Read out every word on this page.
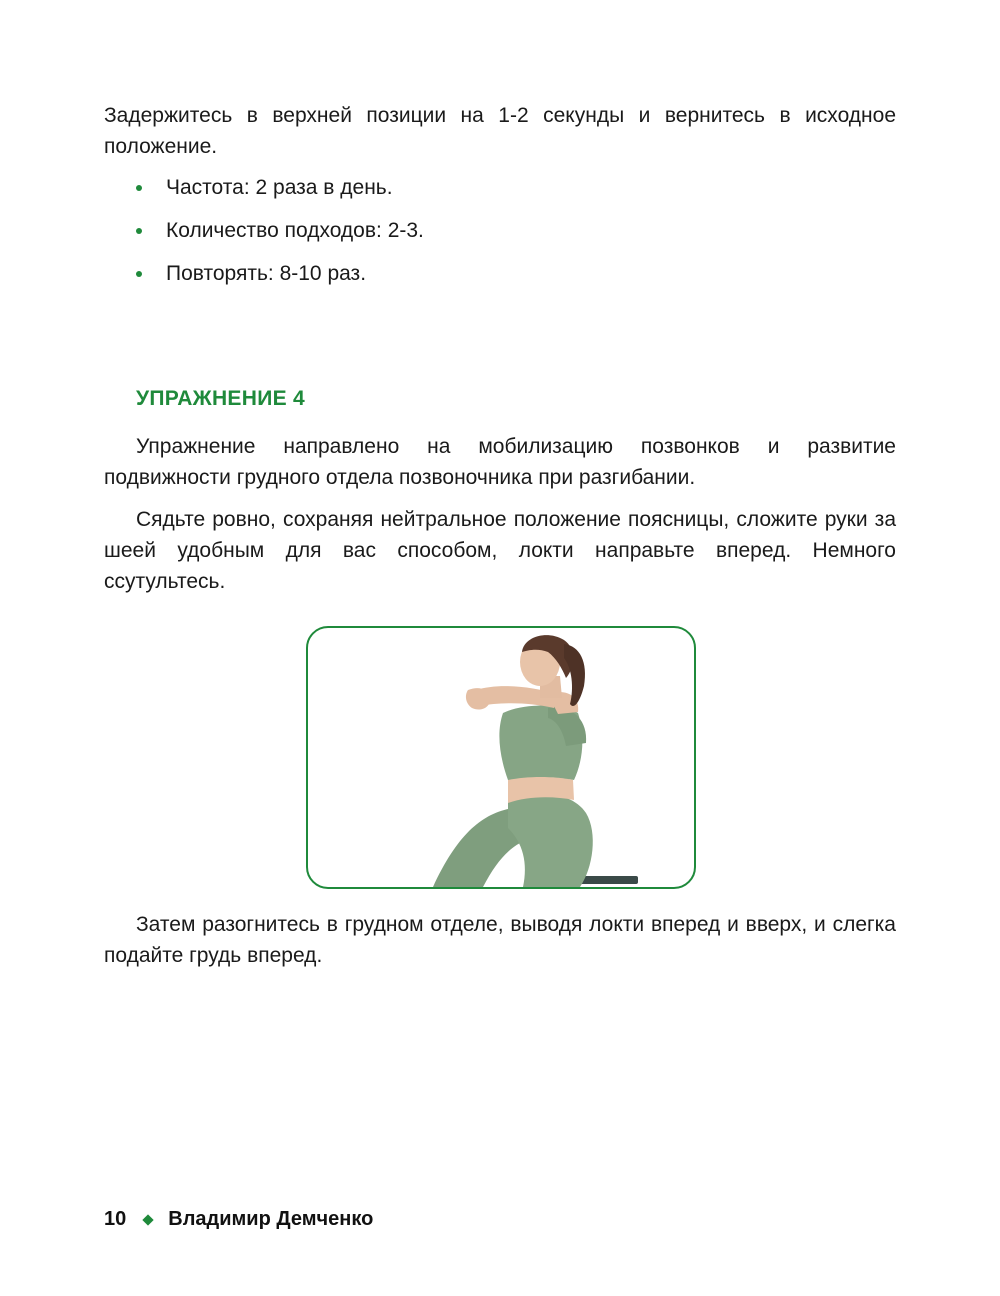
Задержитесь в верхней позиции на 1-2 секунды и вернитесь в исходное положение.

Частота: 2 раза в день.
Количество подходов: 2-3.
Повторять: 8-10 раз.
УПРАЖНЕНИЕ 4

Упражнение направлено на мобилизацию позвонков и развитие подвижности грудного отдела позвоночника при разгибании.

Сядьте ровно, сохраняя нейтральное положение поясницы, сложите руки за шеей удобным для вас способом, локти направьте вперед. Немного ссутультесь.

Затем разогнитесь в грудном отделе, выводя локти вперед и вверх, и слегка подайте грудь вперед.

10 Владимир Демченко
